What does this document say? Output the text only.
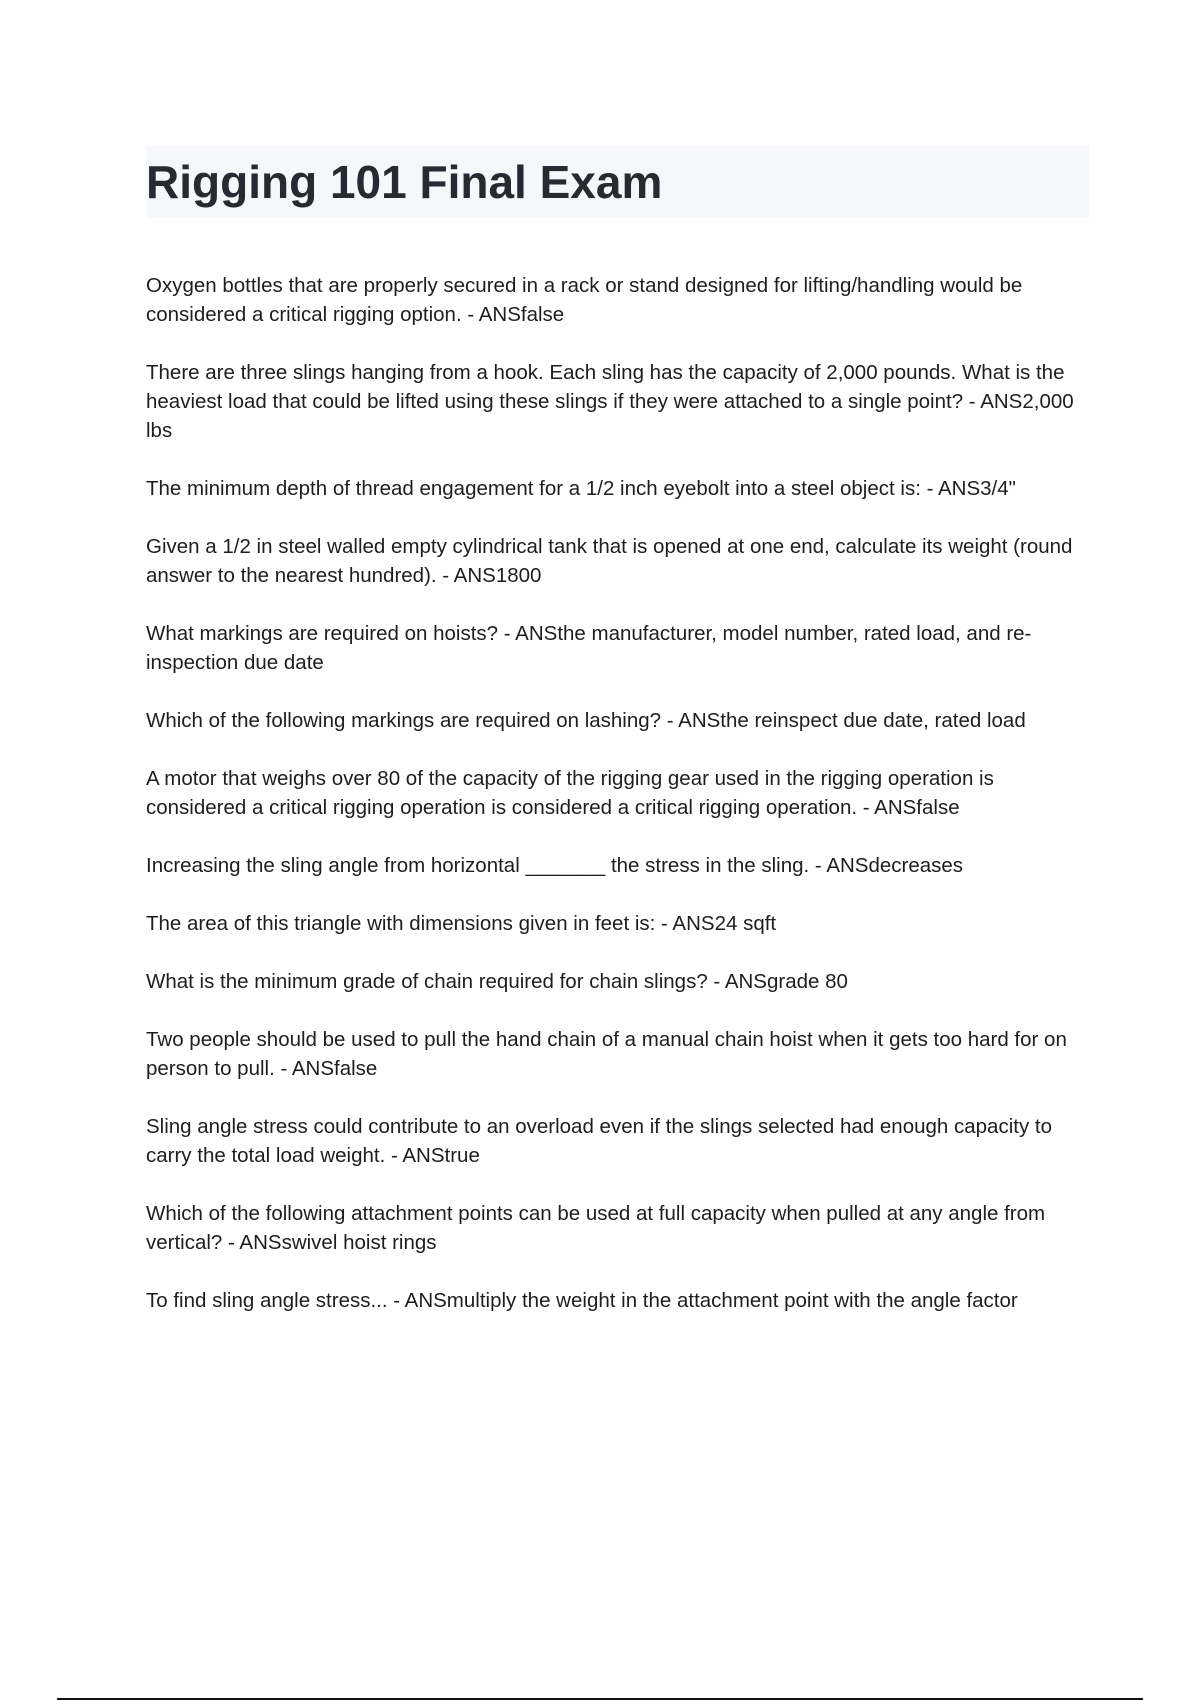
Rigging 101 Final Exam

Oxygen bottles that are properly secured in a rack or stand designed for lifting/handling would be considered a critical rigging option. - ANSfalse

There are three slings hanging from a hook. Each sling has the capacity of 2,000 pounds. What is the heaviest load that could be lifted using these slings if they were attached to a single point? - ANS2,000 lbs

The minimum depth of thread engagement for a 1/2 inch eyebolt into a steel object is: - ANS3/4"

Given a 1/2 in steel walled empty cylindrical tank that is opened at one end, calculate its weight (round answer to the nearest hundred). - ANS1800

What markings are required on hoists? - ANSthe manufacturer, model number, rated load, and re-inspection due date

Which of the following markings are required on lashing? - ANSthe reinspect due date, rated load

A motor that weighs over 80 of the capacity of the rigging gear used in the rigging operation is considered a critical rigging operation is considered a critical rigging operation. - ANSfalse

Increasing the sling angle from horizontal _______ the stress in the sling. - ANSdecreases

The area of this triangle with dimensions given in feet is: - ANS24 sqft

What is the minimum grade of chain required for chain slings? - ANSgrade 80

Two people should be used to pull the hand chain of a manual chain hoist when it gets too hard for on person to pull. - ANSfalse

Sling angle stress could contribute to an overload even if the slings selected had enough capacity to carry the total load weight. - ANStrue

Which of the following attachment points can be used at full capacity when pulled at any angle from vertical? - ANSswivel hoist rings

To find sling angle stress... - ANSmultiply the weight in the attachment point with the angle factor
